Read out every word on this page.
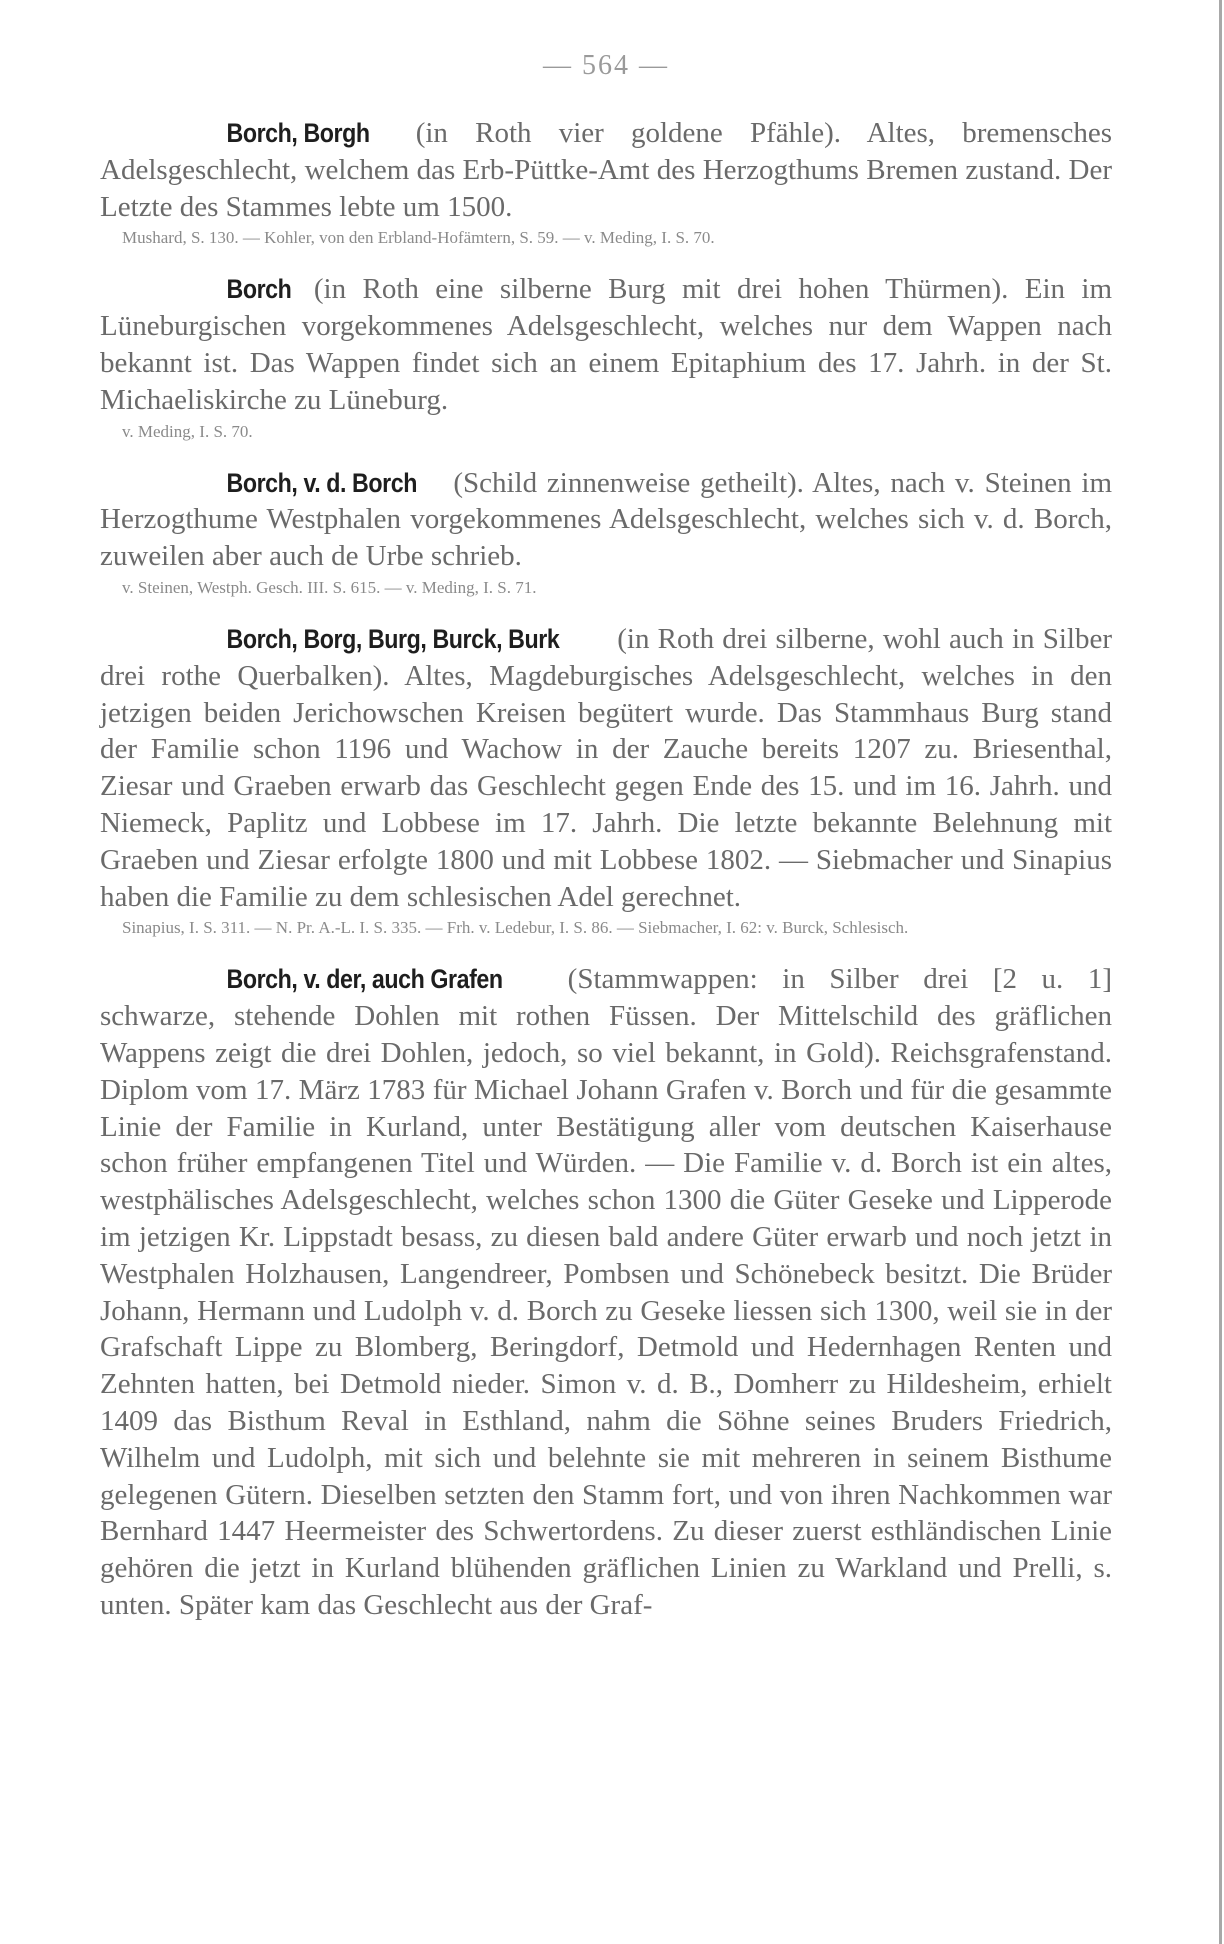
— 564 —

Borch, Borgh (in Roth vier goldene Pfähle). Altes, bremensches Adelsgeschlecht, welchem das Erb-Püttke-Amt des Herzogthums Bremen zustand. Der Letzte des Stammes lebte um 1500.

Mushard, S. 130. — Kohler, von den Erbland-Hofämtern, S. 59. — v. Meding, I. S. 70.

Borch (in Roth eine silberne Burg mit drei hohen Thürmen). Ein im Lüneburgischen vorgekommenes Adelsgeschlecht, welches nur dem Wappen nach bekannt ist. Das Wappen findet sich an einem Epitaphium des 17. Jahrh. in der St. Michaeliskirche zu Lüneburg.

v. Meding, I. S. 70.

Borch, v. d. Borch (Schild zinnenweise getheilt). Altes, nach v. Steinen im Herzogthume Westphalen vorgekommenes Adelsgeschlecht, welches sich v. d. Borch, zuweilen aber auch de Urbe schrieb.

v. Steinen, Westph. Gesch. III. S. 615. — v. Meding, I. S. 71.

Borch, Borg, Burg, Burck, Burk (in Roth drei silberne, wohl auch in Silber drei rothe Querbalken). Altes, Magdeburgisches Adelsgeschlecht, welches in den jetzigen beiden Jerichowschen Kreisen begütert wurde. Das Stammhaus Burg stand der Familie schon 1196 und Wachow in der Zauche bereits 1207 zu. Briesenthal, Ziesar und Graeben erwarb das Geschlecht gegen Ende des 15. und im 16. Jahrh. und Niemeck, Paplitz und Lobbese im 17. Jahrh. Die letzte bekannte Belehnung mit Graeben und Ziesar erfolgte 1800 und mit Lobbese 1802. — Siebmacher und Sinapius haben die Familie zu dem schlesischen Adel gerechnet.

Sinapius, I. S. 311. — N. Pr. A.-L. I. S. 335. — Frh. v. Ledebur, I. S. 86. — Siebmacher, I. 62: v. Burck, Schlesisch.

Borch, v. der, auch Grafen (Stammwappen: in Silber drei [2 u. 1] schwarze, stehende Dohlen mit rothen Füssen. Der Mittelschild des gräflichen Wappens zeigt die drei Dohlen, jedoch, so viel bekannt, in Gold). Reichsgrafenstand. Diplom vom 17. März 1783 für Michael Johann Grafen v. Borch und für die gesammte Linie der Familie in Kurland, unter Bestätigung aller vom deutschen Kaiserhause schon früher empfangenen Titel und Würden. — Die Familie v. d. Borch ist ein altes, westphälisches Adelsgeschlecht, welches schon 1300 die Güter Geseke und Lipperode im jetzigen Kr. Lippstadt besass, zu diesen bald andere Güter erwarb und noch jetzt in Westphalen Holzhausen, Langendreer, Pombsen und Schönebeck besitzt. Die Brüder Johann, Hermann und Ludolph v. d. Borch zu Geseke liessen sich 1300, weil sie in der Grafschaft Lippe zu Blomberg, Beringdorf, Detmold und Hedernhagen Renten und Zehnten hatten, bei Detmold nieder. Simon v. d. B., Domherr zu Hildesheim, erhielt 1409 das Bisthum Reval in Esthland, nahm die Söhne seines Bruders Friedrich, Wilhelm und Ludolph, mit sich und belehnte sie mit mehreren in seinem Bisthume gelegenen Gütern. Dieselben setzten den Stamm fort, und von ihren Nachkommen war Bernhard 1447 Heermeister des Schwertordens. Zu dieser zuerst esthländischen Linie gehören die jetzt in Kurland blühenden gräflichen Linien zu Warkland und Prelli, s. unten. Später kam das Geschlecht aus der Graf-
